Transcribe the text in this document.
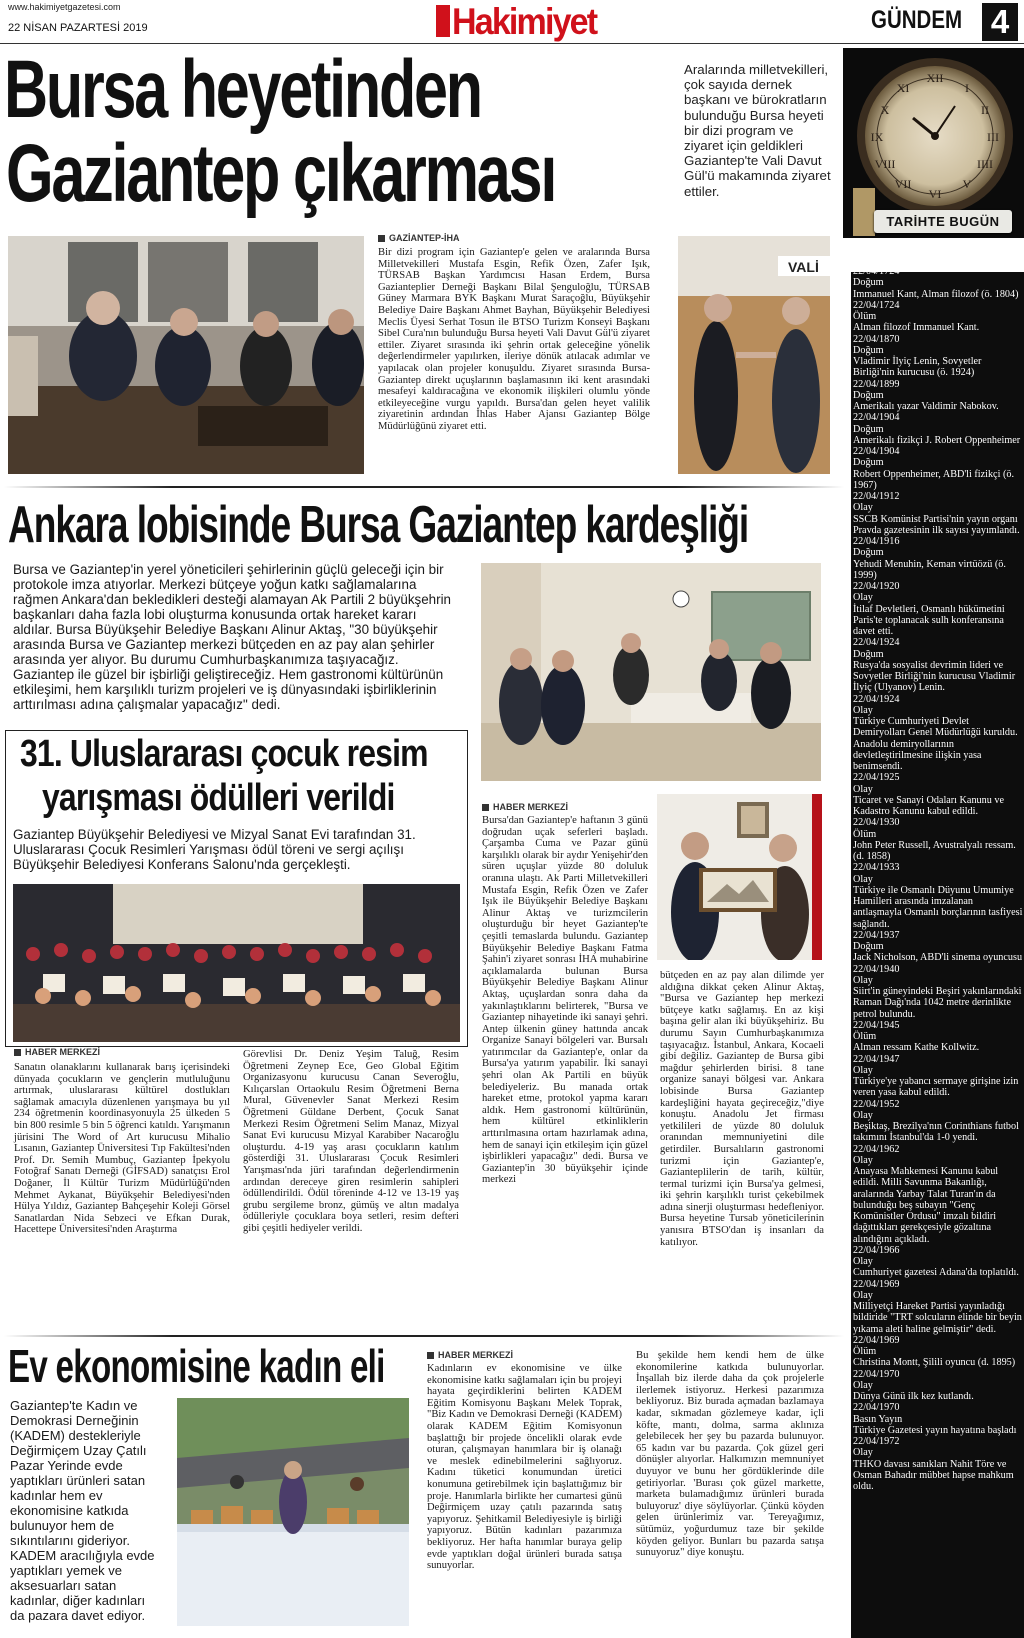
www.hakimiyetgazetesi.com
22 NİSAN PAZARTESİ 2019	Hakimiyet	GÜNDEM 4
XII
I
II
III
IIII
V
VI
VII
VIII
IX
X
XI
TARİHTE BUGÜN
22/04/1724
Doğum
Immanuel Kant, Alman filozof (ö. 1804)
22/04/1724
Ölüm
Alman filozof Immanuel Kant.
22/04/1870
Doğum
Vladimir İlyiç Lenin, Sovyetler Birliği'nin kurucusu (ö. 1924)
22/04/1899
Doğum
Amerikalı yazar Valdimir Nabokov.
22/04/1904
Doğum
Amerikalı fizikçi J. Robert Oppenheimer
22/04/1904
Doğum
Robert Oppenheimer, ABD'li fizikçi (ö. 1967)
22/04/1912
Olay
SSCB Komünist Partisi'nin yayın organı Pravda gazetesinin ilk sayısı yayımlandı.
22/04/1916
Doğum
Yehudi Menuhin, Keman virtüözü (ö. 1999)
22/04/1920
Olay
İtilaf Devletleri, Osmanlı hükümetini Paris'te toplanacak sulh konferansına davet etti.
22/04/1924
Doğum
Rusya'da sosyalist devrimin lideri ve Sovyetler Birliği'nin kurucusu Vladimir İlyiç (Ulyanov) Lenin.
22/04/1924
Olay
Türkiye Cumhuriyeti Devlet Demiryolları Genel Müdürlüğü kuruldu. Anadolu demiryollarının devletleştirilmesine ilişkin yasa benimsendi.
22/04/1925
Olay
Ticaret ve Sanayi Odaları Kanunu ve Kadastro Kanunu kabul edildi.
22/04/1930
Ölüm
John Peter Russell, Avustralyalı ressam. (d. 1858)
22/04/1933
Olay
Türkiye ile Osmanlı Düyunu Umumiye Hamilleri arasında imzalanan antlaşmayla Osmanlı borçlarının tasfiyesi sağlandı.
22/04/1937
Doğum
Jack Nicholson, ABD'li sinema oyuncusu
22/04/1940
Olay
Siirt'in güneyindeki Beşiri yakınlarındaki Raman Dağı'nda 1042 metre derinlikte petrol bulundu.
22/04/1945
Ölüm
Alman ressam Kathe Kollwitz.
22/04/1947
Olay
Türkiye'ye yabancı sermaye girişine izin veren yasa kabul edildi.
22/04/1952
Olay
Beşiktaş, Brezilya'nın Corinthians futbol takımını İstanbul'da 1-0 yendi.
22/04/1962
Olay
Anayasa Mahkemesi Kanunu kabul edildi. Milli Savunma Bakanlığı, aralarında Yarbay Talat Turan'ın da bulunduğu beş subayın "Genç Komünistler Ordusu" imzalı bildiri dağıttıkları gerekçesiyle gözaltına alındığını açıkladı.
22/04/1966
Olay
Cumhuriyet gazetesi Adana'da toplatıldı.
22/04/1969
Olay
Milliyetçi Hareket Partisi yayınladığı bildiride "TRT solcuların elinde bir beyin yıkama aleti haline gelmiştir" dedi.
22/04/1969
Ölüm
Christina Montt, Şilili oyuncu (d. 1895)
22/04/1970
Olay
Dünya Günü ilk kez kutlandı.
22/04/1970
Basın Yayın
Türkiye Gazetesi yayın hayatına başladı
22/04/1972
Olay
THKO davası sanıkları Nahit Töre ve Osman Bahadır mübbet hapse mahkum oldu.
Bursa heyetinden
Gaziantep çıkarması
Aralarında milletvekilleri, çok sayıda dernek başkanı ve bürokratların bulunduğu Bursa heyeti bir dizi program ve ziyaret için geldikleri Gaziantep'te Vali Davut Gül'ü makamında ziyaret ettiler.
GAZİANTEP-İHA
Bir dizi program için Gaziantep'e gelen ve aralarında Bursa Milletvekilleri Mustafa Esgin, Refik Özen, Zafer Işık, TÜRSAB Başkan Yardımcısı Hasan Erdem, Bursa Gazianteplier Derneği Başkanı Bilal Şenguloğlu, TÜRSAB Güney Marmara BYK Başkanı Murat Saraçoğlu, Büyükşehir Belediye Daire Başkanı Ahmet Bayhan, Büyükşehir Belediyesi Meclis Üyesi Serhat Tosun ile BTSO Turizm Konseyi Başkanı Sibel Cura'nın bulunduğu Bursa heyeti Vali Davut Gül'ü ziyaret ettiler. Ziyaret sırasında iki şehrin ortak geleceğine yönelik değerlendirmeler yapılırken, ileriye dönük atılacak adımlar ve yapılacak olan projeler konuşuldu. Ziyaret sırasında Bursa-Gaziantep direkt uçuşlarının başlamasının iki kent arasındaki mesafeyi kaldıracağına ve ekonomik ilişkileri olumlu yönde etkileyeceğine vurgu yapıldı. Bursa'dan gelen heyet valilik ziyaretinin ardından İhlas Haber Ajansı Gaziantep Bölge Müdürlüğünü ziyaret etti.
VALİ
Ankara lobisinde Bursa Gaziantep kardeşliği
Bursa ve Gaziantep'in yerel yöneticileri şehirlerinin güçlü geleceği için bir protokole imza atıyorlar. Merkezi bütçeye yoğun katkı sağlamalarına rağmen Ankara'dan bekledikleri desteği alamayan Ak Partili 2 büyükşehrin başkanları daha fazla lobi oluşturma konusunda ortak hareket kararı aldılar. Bursa Büyükşehir Belediye Başkanı Alinur Aktaş, "30 büyükşehir arasında Bursa ve Gaziantep merkezi bütçeden en az pay alan şehirler arasında yer alıyor. Bu durumu Cumhurbaşkanımıza taşıyacağız. Gaziantep ile güzel bir işbirliği geliştireceğiz. Hem gastronomi kültürünün etkileşimi, hem karşılıklı turizm projeleri ve iş dünyasındaki işbirliklerinin arttırılması adına çalışmalar yapacağız" dedi.
HABER MERKEZİ
Bursa'dan Gaziantep'e haftanın 3 günü doğrudan uçak seferleri başladı. Çarşamba Cuma ve Pazar günü karşılıklı olarak bir aydır Yenişehir'den süren uçuşlar yüzde 80 doluluk oranına ulaştı. Ak Parti Milletvekilleri Mustafa Esgin, Refik Özen ve Zafer Işık ile Büyükşehir Belediye Başkanı Alinur Aktaş ve turizmcilerin oluşturduğu bir heyet Gaziantep'te çeşitli temaslarda bulundu. Gaziantep Büyükşehir Belediye Başkanı Fatma Şahin'i ziyaret sonrası İHA muhabirine açıklamalarda bulunan Bursa Büyükşehir Belediye Başkanı Alinur Aktaş, uçuşlardan sonra daha da yakınlaştıklarını belirterek, "Bursa ve Gaziantep nihayetinde iki sanayi şehri. Antep ülkenin güney hattında ancak Organize Sanayi bölgeleri var. Bursalı yatırımcılar da Gaziantep'e, onlar da Bursa'ya yatırım yapabilir. İki sanayi şehri olan Ak Partili en büyük belediyeleriz. Bu manada ortak hareket etme, protokol yapma kararı aldık. Hem gastronomi kültürünün, hem kültürel etkinliklerin arttırılmasına ortam hazırlamak adına, hem de sanayi için etkileşim için güzel işbirlikleri yapacağız" dedi. Bursa ve Gaziantep'in 30 büyükşehir içinde merkezi
bütçeden en az pay alan dilimde yer aldığına dikkat çeken Alinur Aktaş, "Bursa ve Gaziantep hep merkezi bütçeye katkı sağlamış. En az kişi başına gelir alan iki büyükşehiriz. Bu durumu Sayın Cumhurbaşkanımıza taşıyacağız. İstanbul, Ankara, Kocaeli gibi değiliz. Gaziantep de Bursa gibi mağdur şehirlerden birisi. 8 tane organize sanayi bölgesi var. Ankara lobisinde Bursa Gaziantep kardeşliğini hayata geçireceğiz,"diye konuştu. Anadolu Jet firması yetkilileri de yüzde 80 doluluk oranından memnuniyetini dile getirdiler. Bursalıların gastronomi turizmi için Gaziantep'e, Gazianteplilerin de tarih, kültür, termal turizmi için Bursa'ya gelmesi, iki şehrin karşılıklı turist çekebilmek adına sinerji oluşturması hedefleniyor. Bursa heyetine Tursab yöneticilerinin yanısıra BTSO'dan iş insanları da katılıyor.
31. Uluslararası çocuk resim
yarışması ödülleri verildi
Gaziantep Büyükşehir Belediyesi ve Mizyal Sanat Evi tarafından 31. Uluslararası Çocuk Resimleri Yarışması ödül töreni ve sergi açılışı Büyükşehir Belediyesi Konferans Salonu'nda gerçekleşti.
HABER MERKEZİ
Sanatın olanaklarını kullanarak barış içerisindeki dünyada çocukların ve gençlerin mutluluğunu artırmak, uluslararası kültürel dostlukları sağlamak amacıyla düzenlenen yarışmaya bu yıl 234 öğretmenin koordinasyonuyla 25 ülkeden 5 bin 800 resimle 5 bin 5 öğrenci katıldı. Yarışmanın jürisini The Word of Art kurucusu Mihalio Lısanın, Gaziantep Üniversitesi Tıp Fakültesi'nden Prof. Dr. Semih Mumbuç, Gaziantep İpekyolu Fotoğraf Sanatı Derneği (GİFSAD) sanatçısı Erol Doğaner, İl Kültür Turizm Müdürlüğü'nden Mehmet Aykanat, Büyükşehir Belediyesi'nden Hülya Yıldız, Gaziantep Bahçeşehir Koleji Görsel Sanatlardan Nida Sebzeci ve Efkan Durak, Hacettepe Üniversitesi'nden Araştırma
Görevlisi Dr. Deniz Yeşim Taluğ, Resim Öğretmeni Zeynep Ece, Geo Global Eğitim Organizasyonu kurucusu Canan Severoğlu, Kılıçarslan Ortaokulu Resim Öğretmeni Berna Mural, Güvenevler Sanat Merkezi Resim Öğretmeni Güldane Derbent, Çocuk Sanat Merkezi Resim Öğretmeni Selim Manaz, Mizyal Sanat Evi kurucusu Mizyal Karabiber Nacaroğlu oluşturdu. 4-19 yaş arası çocukların katılım gösterdiği 31. Uluslararası Çocuk Resimleri Yarışması'nda jüri tarafından değerlendirmenin ardından dereceye giren resimlerin sahipleri ödüllendirildi. Ödül töreninde 4-12 ve 13-19 yaş grubu sergileme bronz, gümüş ve altın madalya ödülleriyle çocuklara boya setleri, resim defteri gibi çeşitli hediyeler verildi.
Ev ekonomisine kadın eli
Gaziantep'te Kadın ve Demokrasi Derneğinin (KADEM) destekleriyle Değirmiçem Uzay Çatılı Pazar Yerinde evde yaptıkları ürünleri satan kadınlar hem ev ekonomisine katkıda bulunuyor hem de sıkıntılarını gideriyor. KADEM aracılığıyla evde yaptıkları yemek ve aksesuarları satan kadınlar, diğer kadınları da pazara davet ediyor.
HABER MERKEZİ
Kadınların ev ekonomisine ve ülke ekonomisine katkı sağlamaları için bu projeyi hayata geçirdiklerini belirten KADEM Eğitim Komisyonu Başkanı Melek Toprak, "Biz Kadın ve Demokrasi Derneği (KADEM) olarak KADEM Eğitim Komisyonun başlattığı bir projede öncelikli olarak evde oturan, çalışmayan hanımlara bir iş olanağı ve meslek edinebilmelerini sağlıyoruz. Kadını tüketici konumundan üretici konumuna getirebilmek için başlattığımız bir proje. Hanımlarla birlikte her cumartesi günü Değirmiçem uzay çatılı pazarında satış yapıyoruz. Şehitkamil Belediyesiyle iş birliği yapıyoruz. Bütün kadınları pazarımıza bekliyoruz. Her hafta hanımlar buraya gelip evde yaptıkları doğal ürünleri burada satışa sunuyorlar.
Bu şekilde hem kendi hem de ülke ekonomilerine katkıda bulunuyorlar. İnşallah biz ilerde daha da çok projelerle ilerlemek istiyoruz. Herkesi pazarımıza bekliyoruz. Biz burada açmadan bazlamaya kadar, sıkmadan gözlemeye kadar, içli köfte, mantı, dolma, sarma aklınıza gelebilecek her şey bu pazarda bulunuyor. 65 kadın var bu pazarda. Çok güzel geri dönüşler alıyorlar. Halkımızın memnuniyet duyuyor ve bunu her gördüklerinde dile getiriyorlar. 'Burası çok güzel markette, marketa bulamadığımız ürünleri burada buluyoruz' diye söylüyorlar. Çünkü köyden gelen ürünlerimiz var. Tereyağımız, sütümüz, yoğurdumuz taze bir şekilde köyden geliyor. Bunları bu pazarda satışa sunuyoruz" diye konuştu.
